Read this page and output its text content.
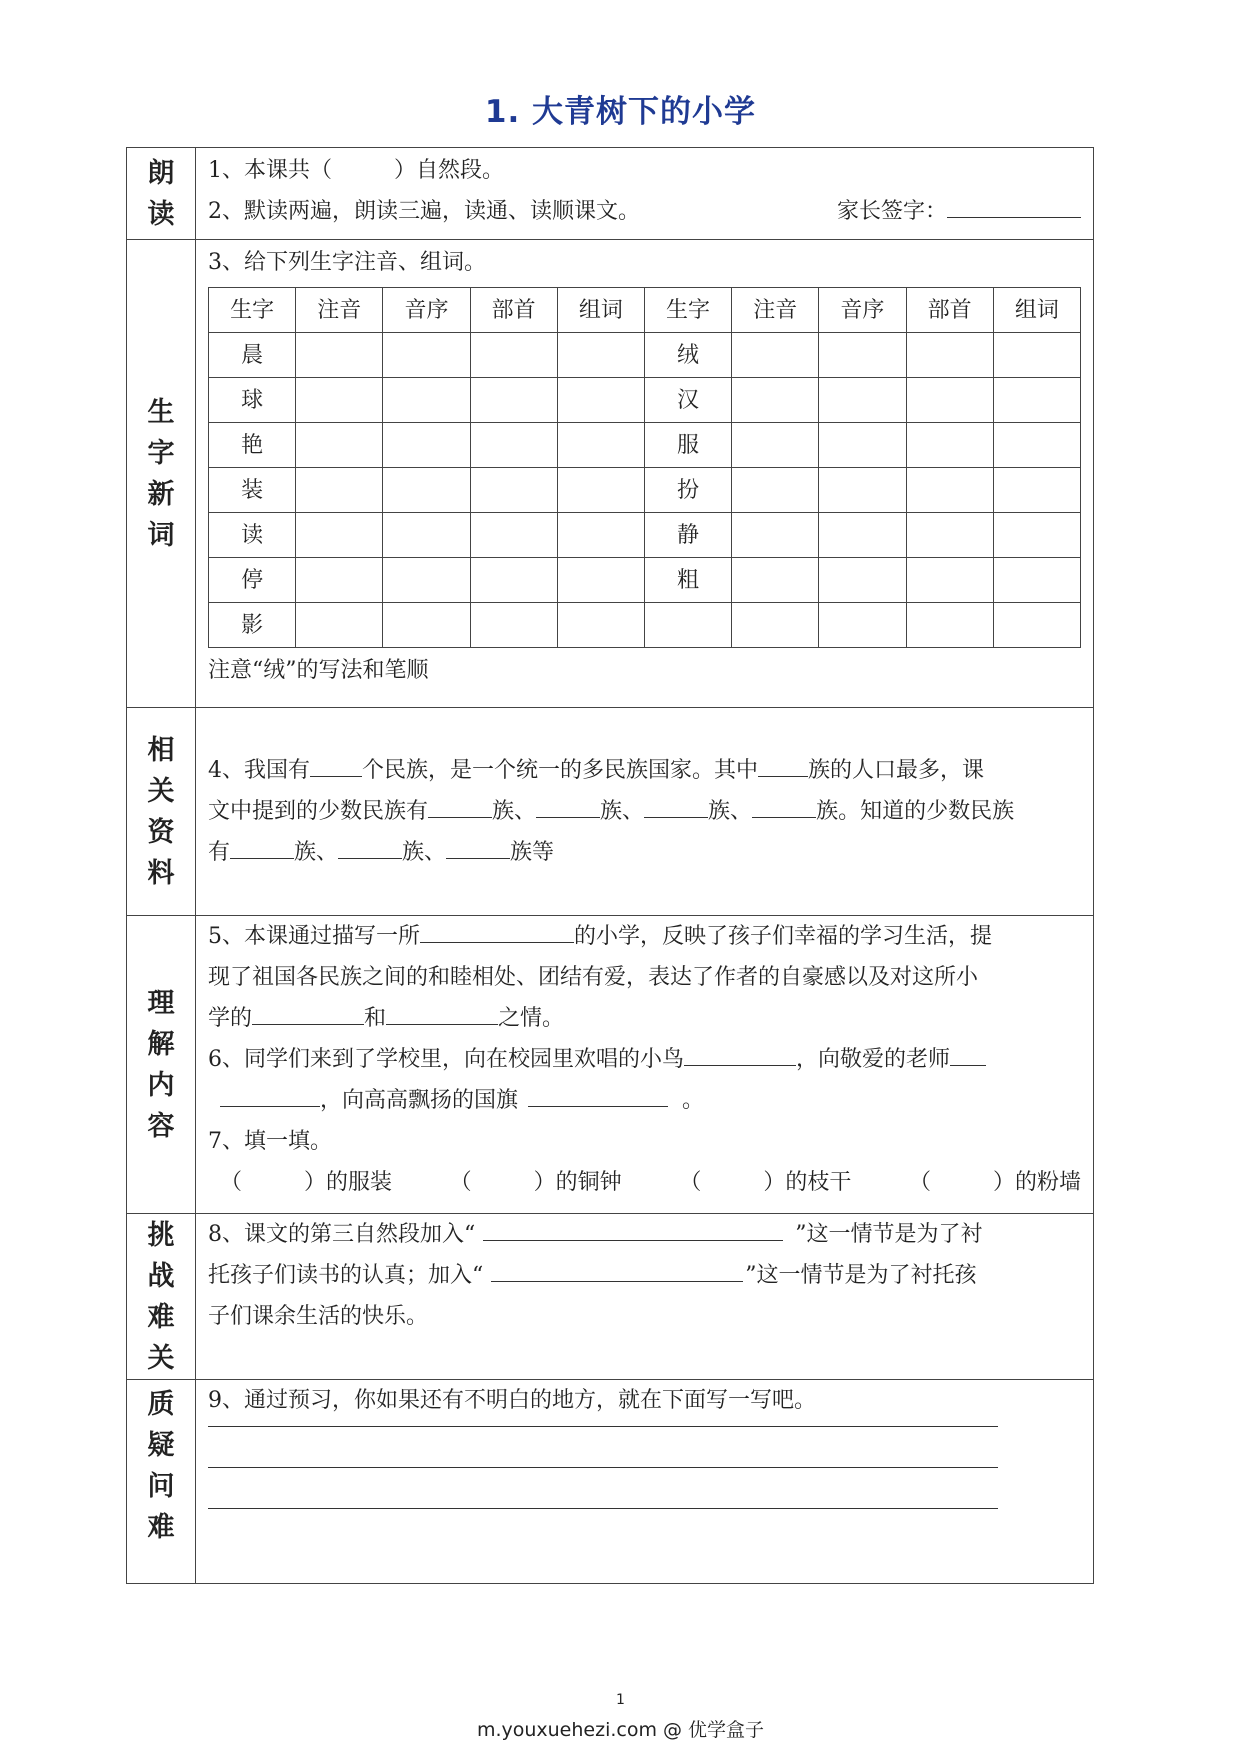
1. 大青树下的小学
朗
读

1、本课共（	）自然段。
2、默读两遍，朗读三遍，读通、读顺课文。	家长签字：

生
字
新
词

3、给下列生字注音、组词。
生字	注音	音序	部首	组词	生字	注音	音序	部首	组词
晨					绒				
球					汉				
艳					服				
装					扮				
读					静				
停					粗				
影									
注意“绒”的写法和笔顺

相
关
资
料

4、我国有 个民族，是一个统一的多民族国家。其中 族的人口最多，课
文中提到的少数民族有	族、	族、	族、	族。知道的少数民族
有	族、	族、	族等

理
解
内
容

5、本课通过描写一所	的小学，反映了孩子们幸福的学习生活，提
现了祖国各民族之间的和睦相处、团结有爱，表达了作者的自豪感以及对这所小
学的	和	之情。
6、同学们来到了学校里，向在校园里欢唱的小鸟	，向敬爱的老师
，向高高飘扬的国旗	。
7、填一填。
（	）的服装	（	）的铜钟	（	）的枝干	（	）的粉墙

挑
战
难
关

8、课文的第三自然段加入“	”这一情节是为了衬
托孩子们读书的认真；加入“	”这一情节是为了衬托孩
子们课余生活的快乐。

质
疑
问
难

9、通过预习，你如果还有不明白的地方，就在下面写一写吧。
1
m.youxuehezi.com @ 优学盒子
